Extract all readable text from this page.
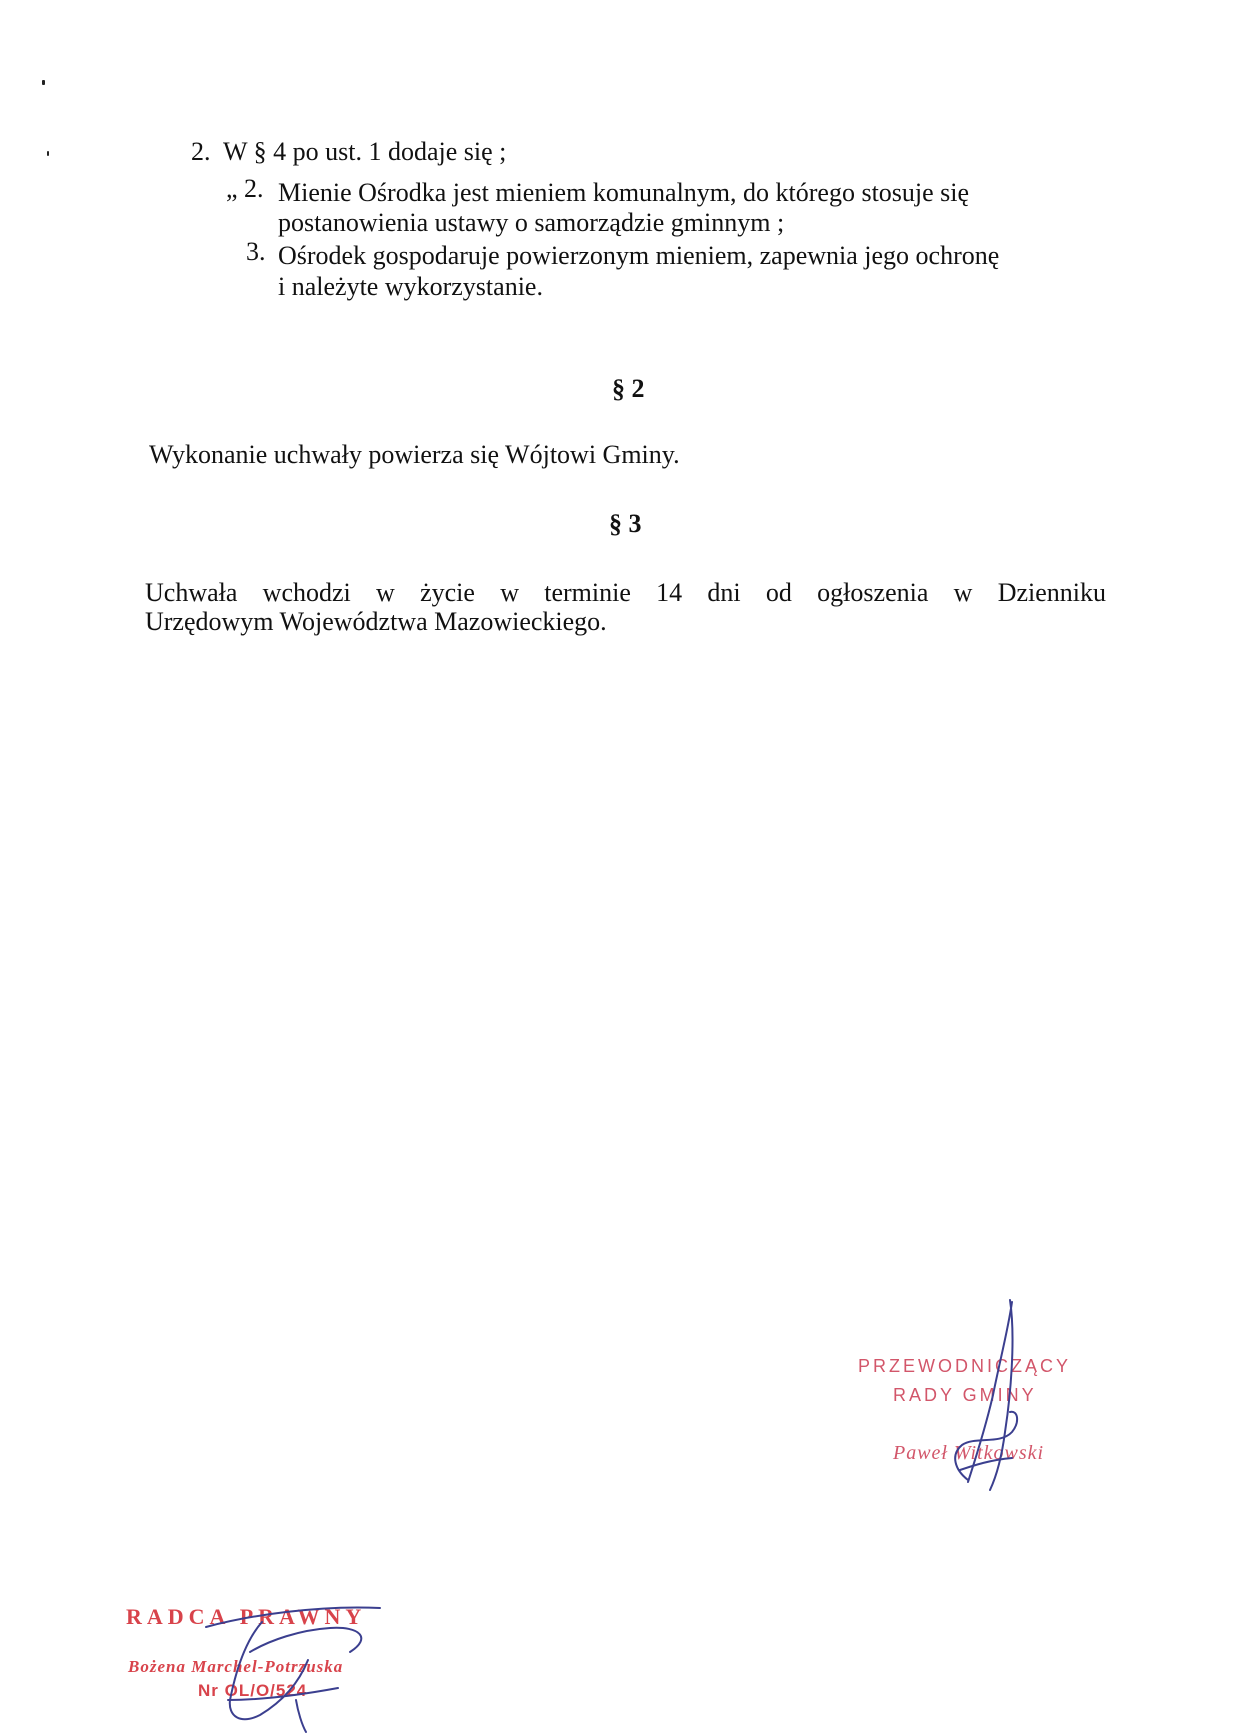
2. W § 4 po ust. 1 dodaje się ;
„ 2. Mienie Ośrodka jest mieniem komunalnym, do którego stosuje się
postanowienia ustawy o samorządzie gminnym ;
3. Ośrodek gospodaruje powierzonym mieniem, zapewnia jego ochronę
i należyte wykorzystanie.
§ 2
Wykonanie uchwały powierza się Wójtowi Gminy.
§ 3
Uchwała wchodzi w życie w terminie 14 dni od ogłoszenia w Dzienniku
Urzędowym Województwa Mazowieckiego.
PRZEWODNICZĄCY
RADY GMINY
Paweł Witkowski
RADCA PRAWNY
Bożena Marchel-Potrzuska
Nr OL/O/524
